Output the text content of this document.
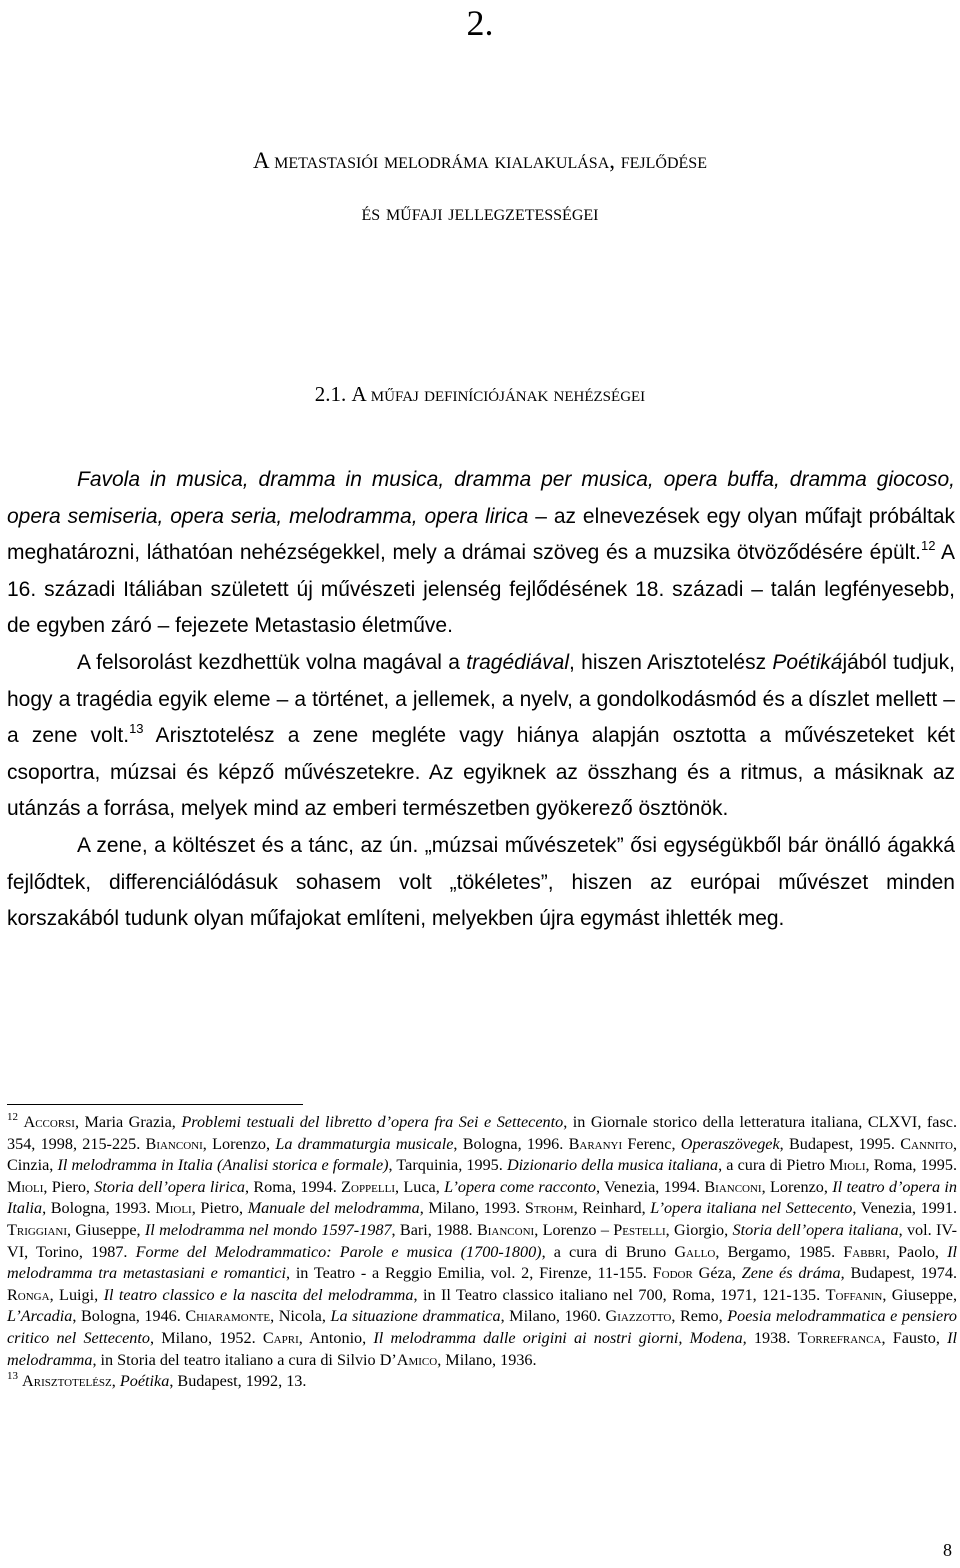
2.
A metastasiói melodráma kialakulása, fejlődése
és műfaji jellegzetességei
2.1. A műfaj definíciójának nehézségei

Favola in musica, dramma in musica, dramma per musica, opera buffa, dramma giocoso, opera semiseria, opera seria, melodramma, opera lirica – az elnevezések egy olyan műfajt próbáltak meghatározni, láthatóan nehézségekkel, mely a drámai szöveg és a muzsika ötvöződésére épült.$^{12}$ A 16. századi Itáliában született új művészeti jelenség fejlődésének 18. századi – talán legfényesebb, de egyben záró – fejezete Metastasio életműve.

A felsorolást kezdhettük volna magával a tragédiával, hiszen Arisztotelész Poétikájából tudjuk, hogy a tragédia egyik eleme – a történet, a jellemek, a nyelv, a gondolkodásmód és a díszlet mellett – a zene volt.$^{13}$ Arisztotelész a zene megléte vagy hiánya alapján osztotta a művészeteket két csoportra, múzsai és képző művészetekre. Az egyiknek az összhang és a ritmus, a másiknak az utánzás a forrása, melyek mind az emberi természetben gyökerező ösztönök.

A zene, a költészet és a tánc, az ún. „múzsai művészetek” ősi egységükből bár önálló ágakká fejlődtek, differenciálódásuk sohasem volt „tökéletes”, hiszen az európai művészet minden korszakából tudunk olyan műfajokat említeni, melyekben újra egymást ihlették meg.

$^{12}$ Accorsi, Maria Grazia, Problemi testuali del libretto d’opera fra Sei e Settecento, in Giornale storico della letteratura italiana, CLXVI, fasc. 354, 1998, 215-225. Bianconi, Lorenzo, La drammaturgia musicale, Bologna, 1996. Baranyi Ferenc, Operaszövegek, Budapest, 1995. Cannito, Cinzia, Il melodramma in Italia (Analisi storica e formale), Tarquinia, 1995. Dizionario della musica italiana, a cura di Pietro Mioli, Roma, 1995. Mioli, Piero, Storia dell’opera lirica, Roma, 1994. Zoppelli, Luca, L’opera come racconto, Venezia, 1994. Bianconi, Lorenzo, Il teatro d’opera in Italia, Bologna, 1993. Mioli, Pietro, Manuale del melodramma, Milano, 1993. Strohm, Reinhard, L’opera italiana nel Settecento, Venezia, 1991. Triggiani, Giuseppe, Il melodramma nel mondo 1597-1987, Bari, 1988. Bianconi, Lorenzo – Pestelli, Giorgio, Storia dell’opera italiana, vol. IV-VI, Torino, 1987. Forme del Melodrammatico: Parole e musica (1700-1800), a cura di Bruno Gallo, Bergamo, 1985. Fabbri, Paolo, Il melodramma tra metastasiani e romantici, in Teatro - a Reggio Emilia, vol. 2, Firenze, 11-155. Fodor Géza, Zene és dráma, Budapest, 1974. Ronga, Luigi, Il teatro classico e la nascita del melodramma, in Il Teatro classico italiano nel 700, Roma, 1971, 121-135. Toffanin, Giuseppe, L’Arcadia, Bologna, 1946. Chiaramonte, Nicola, La situazione drammatica, Milano, 1960. Giazzotto, Remo, Poesia melodrammatica e pensiero critico nel Settecento, Milano, 1952. Capri, Antonio, Il melodramma dalle origini ai nostri giorni, Modena, 1938. Torrefranca, Fausto, Il melodramma, in Storia del teatro italiano a cura di Silvio D’Amico, Milano, 1936.

$^{13}$ Arisztotelész, Poétika, Budapest, 1992, 13.

8
